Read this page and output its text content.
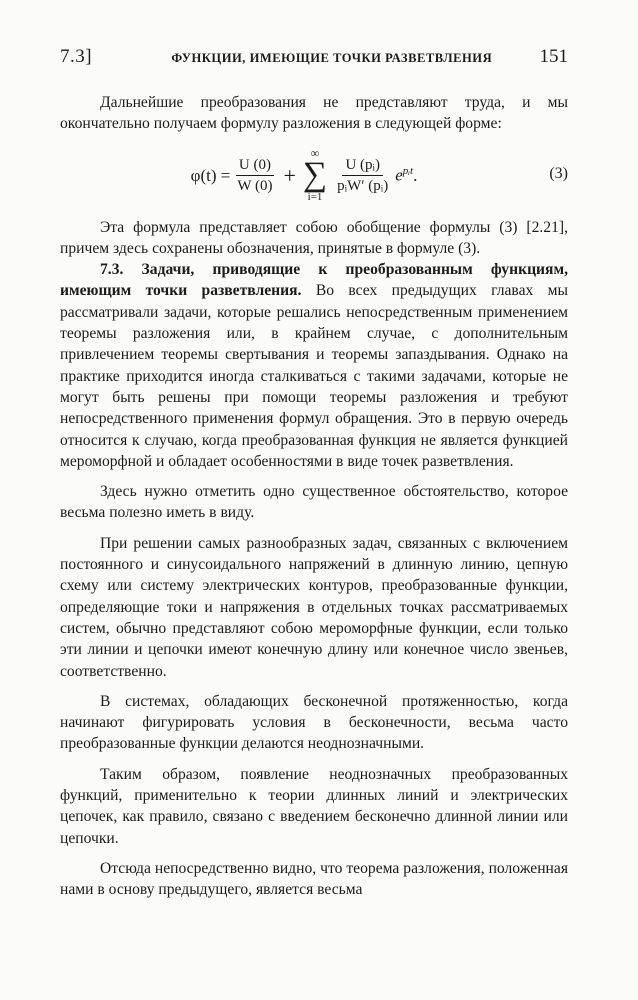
7.3]	ФУНКЦИИ, ИМЕЮЩИЕ ТОЧКИ РАЗВЕТВЛЕНИЯ 151

Дальнейшие преобразования не представляют труда, и мы окончательно получаем формулу разложения в следующей форме:

$\varphi(t) = \frac{U (0)}{W (0)}$ +
∞
∑
i=1
$\frac{\text{U (pᵢ)}}{\text{pᵢW′ (pᵢ)}} e^{pᵢt}$ .	(3)

Эта формула представляет собою обобщение формулы (3) [2.21], причем здесь сохранены обозначения, принятые в формуле (3).

7.3. Задачи, приводящие к преобразованным функциям, имеющим точки разветвления. Во всех предыдущих главах мы рассматривали задачи, которые решались непосредственным применением теоремы разложения или, в крайнем случае, с дополнительным привлечением теоремы свертывания и теоремы запаздывания. Однако на практике приходится иногда сталкиваться с такими задачами, которые не могут быть решены при помощи теоремы разложения и требуют непосредственного применения формул обращения. Это в первую очередь относится к случаю, когда преобразованная функция не является функцией мероморфной и обладает особенностями в виде точек разветвления.

Здесь нужно отметить одно существенное обстоятельство, которое весьма полезно иметь в виду.

При решении самых разнообразных задач, связанных с включением постоянного и синусоидального напряжений в длинную линию, цепную схему или систему электрических контуров, преобразованные функции, определяющие токи и напряжения в отдельных точках рассматриваемых систем, обычно представляют собою мероморфные функции, если только эти линии и цепочки имеют конечную длину или конечное число звеньев, соответственно.

В системах, обладающих бесконечной протяженностью, когда начинают фигурировать условия в бесконечности, весьма часто преобразованные функции делаются неоднозначными.

Таким образом, появление неоднозначных преобразованных функций, применительно к теории длинных линий и электрических цепочек, как правило, связано с введением бесконечно длинной линии или цепочки.

Отсюда непосредственно видно, что теорема разложения, положенная нами в основу предыдущего, является весьма
